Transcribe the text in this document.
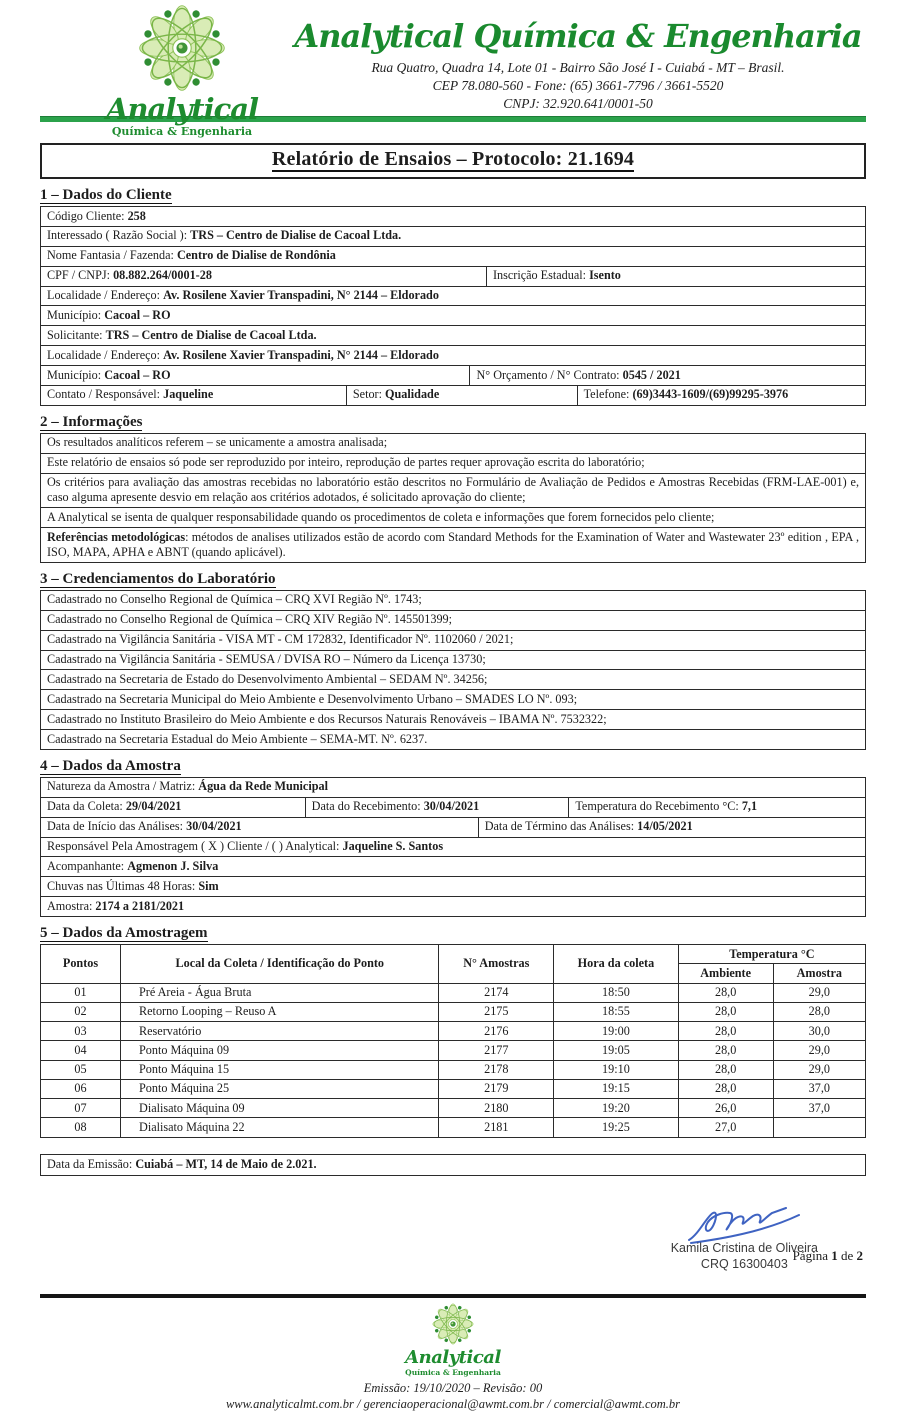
Analytical
Química & Engenharia
Analytical Química & Engenharia
Rua Quatro, Quadra 14, Lote 01 - Bairro São José I - Cuiabá - MT – Brasil.
CEP 78.080-560 - Fone: (65) 3661-7796 / 3661-5520
CNPJ: 32.920.641/0001-50
Relatório de Ensaios – Protocolo: 21.1694
1 – Dados do Cliente
Código Cliente: 258
Interessado ( Razão Social ): TRS – Centro de Dialise de Cacoal Ltda.
Nome Fantasia / Fazenda: Centro de Dialise de Rondônia
CPF / CNPJ: 08.882.264/0001-28	Inscrição Estadual: Isento
Localidade / Endereço: Av. Rosilene Xavier Transpadini, N° 2144 – Eldorado
Município: Cacoal – RO
Solicitante: TRS – Centro de Dialise de Cacoal Ltda.
Localidade / Endereço: Av. Rosilene Xavier Transpadini, N° 2144 – Eldorado
Município: Cacoal – RO	N° Orçamento / N° Contrato: 0545 / 2021
Contato / Responsável: Jaqueline	Setor: Qualidade	Telefone: (69)3443-1609/(69)99295-3976
2 – Informações
Os resultados analíticos referem – se unicamente a amostra analisada;
Este relatório de ensaios só pode ser reproduzido por inteiro, reprodução de partes requer aprovação escrita do laboratório;
Os critérios para avaliação das amostras recebidas no laboratório estão descritos no Formulário de Avaliação de Pedidos e Amostras Recebidas (FRM-LAE-001) e, caso alguma apresente desvio em relação aos critérios adotados, é solicitado aprovação do cliente;
A Analytical se isenta de qualquer responsabilidade quando os procedimentos de coleta e informações que forem fornecidos pelo cliente;
Referências metodológicas: métodos de analises utilizados estão de acordo com Standard Methods for the Examination of Water and Wastewater 23º edition , EPA , ISO, MAPA, APHA e ABNT (quando aplicável).
3 – Credenciamentos do Laboratório
Cadastrado no Conselho Regional de Química – CRQ XVI Região Nº. 1743;
Cadastrado no Conselho Regional de Química – CRQ XIV Região Nº. 145501399;
Cadastrado na Vigilância Sanitária - VISA MT - CM 172832, Identificador Nº. 1102060 / 2021;
Cadastrado na Vigilância Sanitária - SEMUSA / DVISA RO – Número da Licença 13730;
Cadastrado na Secretaria de Estado do Desenvolvimento Ambiental – SEDAM Nº. 34256;
Cadastrado na Secretaria Municipal do Meio Ambiente e Desenvolvimento Urbano – SMADES LO Nº. 093;
Cadastrado no Instituto Brasileiro do Meio Ambiente e dos Recursos Naturais Renováveis – IBAMA Nº. 7532322;
Cadastrado na Secretaria Estadual do Meio Ambiente – SEMA-MT. Nº. 6237.
4 – Dados da Amostra
Natureza da Amostra / Matriz: Água da Rede Municipal
Data da Coleta: 29/04/2021	Data do Recebimento: 30/04/2021	Temperatura do Recebimento °C: 7,1
Data de Início das Análises: 30/04/2021	Data de Término das Análises: 14/05/2021
Responsável Pela Amostragem ( X ) Cliente / ( ) Analytical: Jaqueline S. Santos
Acompanhante: Agmenon J. Silva
Chuvas nas Últimas 48 Horas: Sim
Amostra: 2174 a 2181/2021
5 – Dados da Amostragem
Pontos	Local da Coleta / Identificação do Ponto	N° Amostras	Hora da coleta	Temperatura °C	
				Ambiente	Amostra
01	Pré Areia - Água Bruta	2174	18:50	28,0	29,0
02	Retorno Looping – Reuso A	2175	18:55	28,0	28,0
03	Reservatório	2176	19:00	28,0	30,0
04	Ponto Máquina 09	2177	19:05	28,0	29,0
05	Ponto Máquina 15	2178	19:10	28,0	29,0
06	Ponto Máquina 25	2179	19:15	28,0	37,0
07	Dialisato Máquina 09	2180	19:20	26,0	37,0
08	Dialisato Máquina 22	2181	19:25	27,0	
Data da Emissão: Cuiabá – MT, 14 de Maio de 2.021.
Kamila Cristina de Oliveira
CRQ 16300403
Analytical
Química & Engenharia
Emissão: 19/10/2020 – Revisão: 00
www.analyticalmt.com.br / gerenciaoperacional@awmt.com.br / comercial@awmt.com.br
Página 1 de 2
